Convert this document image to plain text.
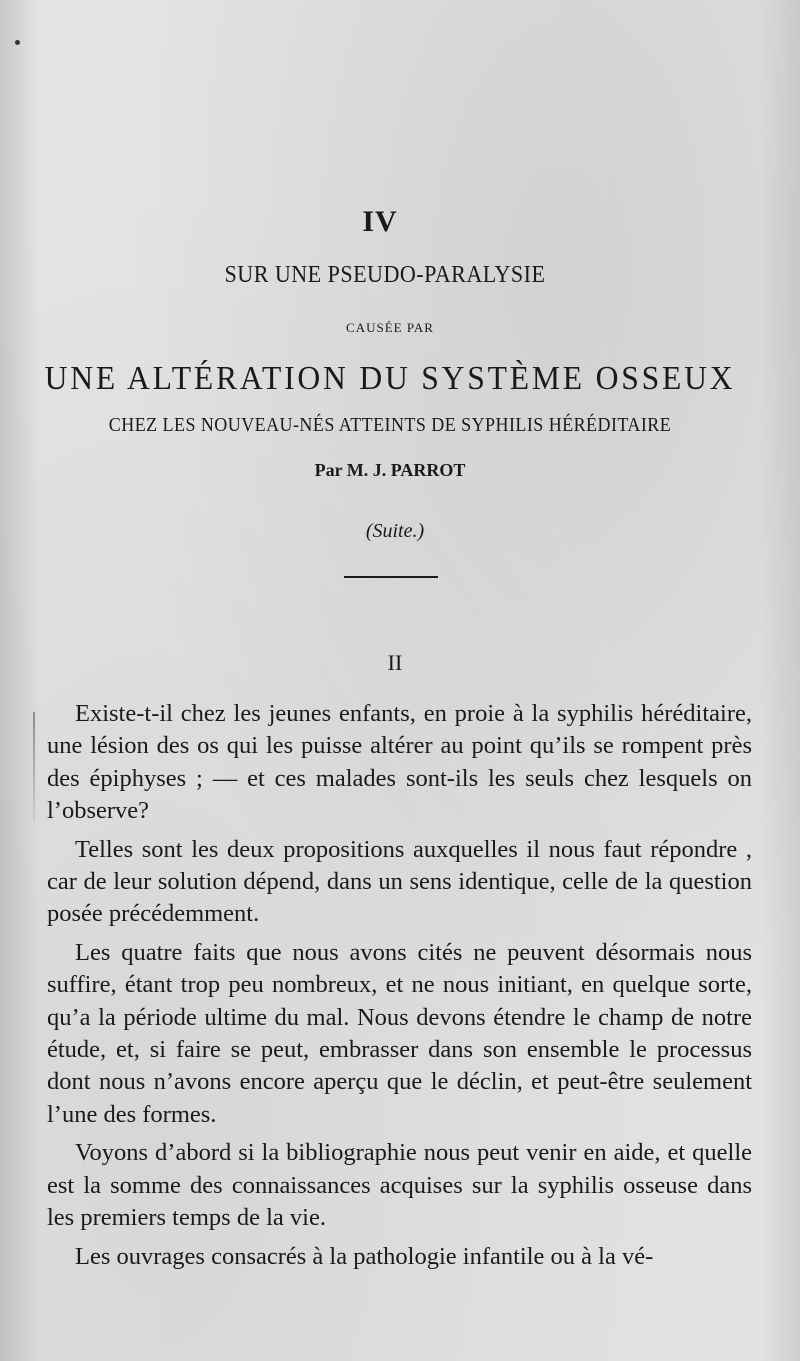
IV
SUR UNE PSEUDO-PARALYSIE
CAUSÉE PAR
UNE ALTÉRATION DU SYSTÈME OSSEUX
CHEZ LES NOUVEAU-NÉS ATTEINTS DE SYPHILIS HÉRÉDITAIRE
Par M. J. PARROT
(Suite.)
II

Existe-t-il chez les jeunes enfants, en proie à la syphilis héréditaire, une lésion des os qui les puisse altérer au point qu’ils se rompent près des épiphyses ; — et ces malades sont-ils les seuls chez lesquels on l’observe?

Telles sont les deux propositions auxquelles il nous faut répondre , car de leur solution dépend, dans un sens identique, celle de la question posée précédemment.

Les quatre faits que nous avons cités ne peuvent désormais nous suffire, étant trop peu nombreux, et ne nous initiant, en quelque sorte, qu’a la période ultime du mal. Nous devons étendre le champ de notre étude, et, si faire se peut, embrasser dans son ensemble le processus dont nous n’avons encore aperçu que le déclin, et peut-être seulement l’une des formes.

Voyons d’abord si la bibliographie nous peut venir en aide, et quelle est la somme des connaissances acquises sur la syphilis osseuse dans les premiers temps de la vie.

Les ouvrages consacrés à la pathologie infantile ou à la vé-
